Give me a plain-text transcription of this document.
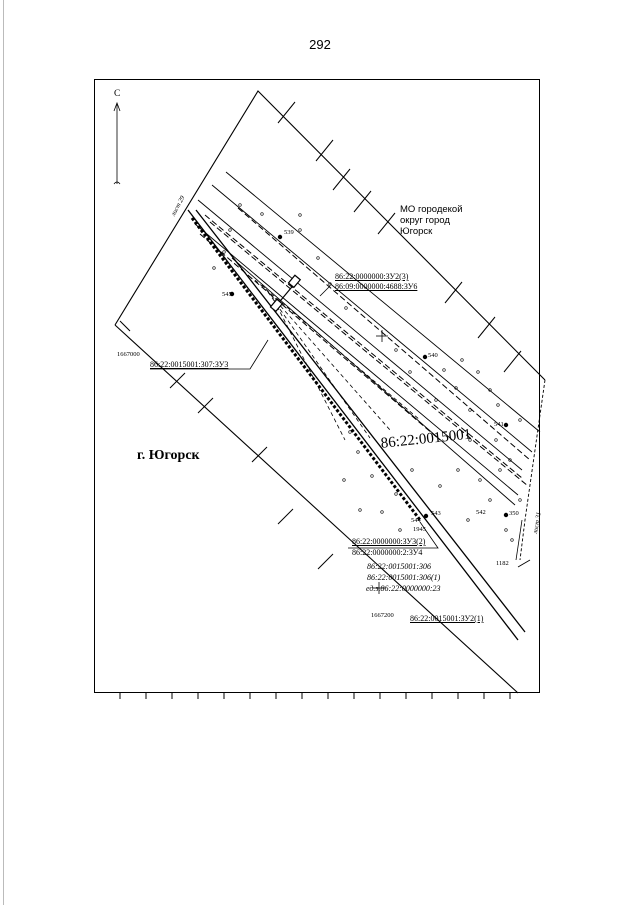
292
С
г. Югорск
МО городекой
округ город
Югорск
86:22:0015001
лист 29
лист 31
1667000
1667200
539
545
540
541
543
544
1945
542	350
1182
86:22:0000000:ЗУ2(3)
86:09:0000000:4688:ЗУ6
86:22:0015001:307:ЗУ3
86:22:0000000:ЗУ3(2)
86:22:0000000:2:ЗУ4
86:22:0015001:306
86:22:0015001:306(1)
ед.з.86:22:0000000:23
86:22:0015001:ЗУ2(1)
